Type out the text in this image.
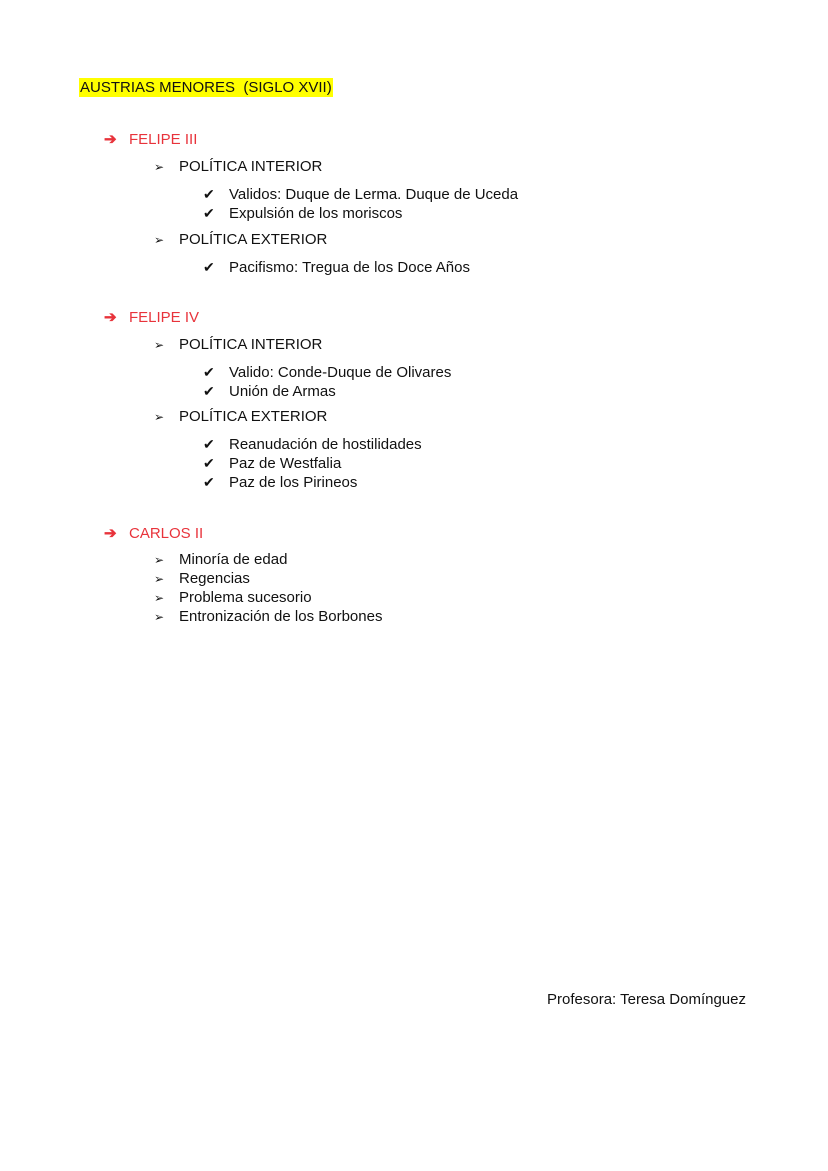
AUSTRIAS MENORES  (SIGLO XVII)
➔ FELIPE III
➢ POLÍTICA INTERIOR
✔ Validos: Duque de Lerma. Duque de Uceda
✔ Expulsión de los moriscos
➢ POLÍTICA EXTERIOR
✔ Pacifismo: Tregua de los Doce Años
➔ FELIPE IV
➢ POLÍTICA INTERIOR
✔ Valido: Conde-Duque de Olivares
✔ Unión de Armas
➢ POLÍTICA EXTERIOR
✔ Reanudación de hostilidades
✔ Paz de Westfalia
✔ Paz de los Pirineos
➔ CARLOS II
➢ Minoría de edad
➢ Regencias
➢ Problema sucesorio
➢ Entronización de los Borbones
Profesora: Teresa Domínguez
